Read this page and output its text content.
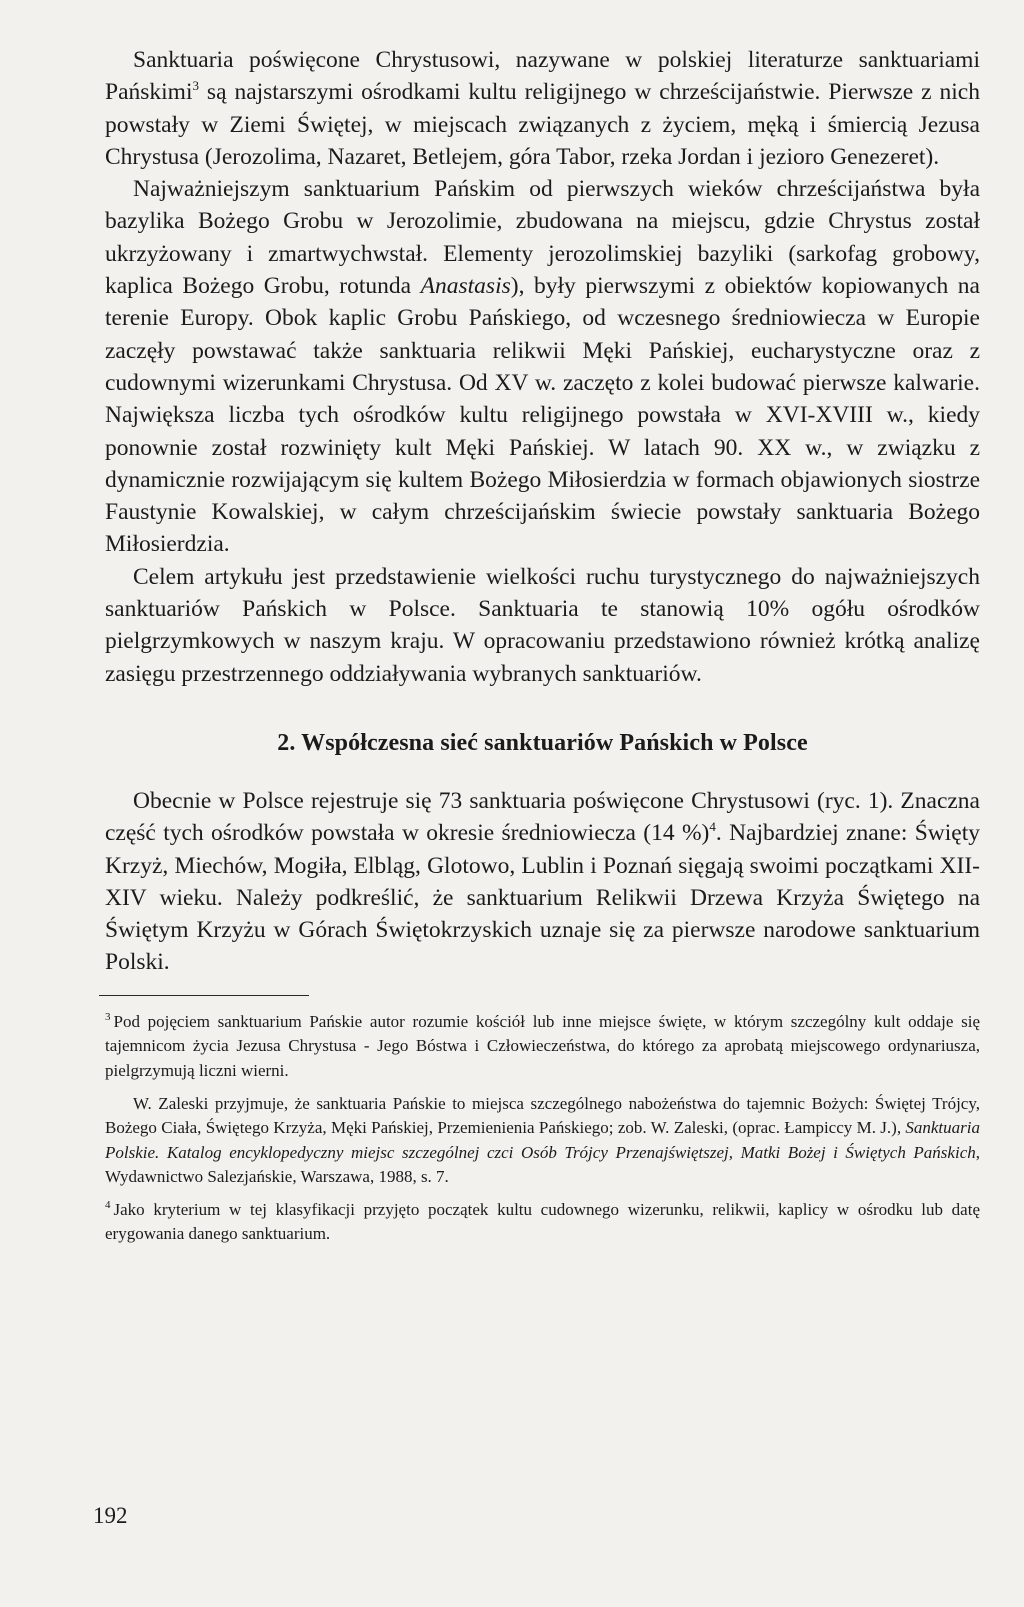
Sanktuaria poświęcone Chrystusowi, nazywane w polskiej literaturze sanktuariami Pańskimi$^3$ są najstarszymi ośrodkami kultu religijnego w chrześcijaństwie. Pierwsze z nich powstały w Ziemi Świętej, w miejscach związanych z życiem, męką i śmiercią Jezusa Chrystusa (Jerozolima, Nazaret, Betlejem, góra Tabor, rzeka Jordan i jezioro Genezeret).

Najważniejszym sanktuarium Pańskim od pierwszych wieków chrześcijaństwa była bazylika Bożego Grobu w Jerozolimie, zbudowana na miejscu, gdzie Chrystus został ukrzyżowany i zmartwychwstał. Elementy jerozolimskiej bazyliki (sarkofag grobowy, kaplica Bożego Grobu, rotunda Anastasis), były pierwszymi z obiektów kopiowanych na terenie Europy. Obok kaplic Grobu Pańskiego, od wczesnego średniowiecza w Europie zaczęły powstawać także sanktuaria relikwii Męki Pańskiej, eucharystyczne oraz z cudownymi wizerunkami Chrystusa. Od XV w. zaczęto z kolei budować pierwsze kalwarie. Największa liczba tych ośrodków kultu religijnego powstała w XVI-XVIII w., kiedy ponownie został rozwinięty kult Męki Pańskiej. W latach 90. XX w., w związku z dynamicznie rozwijającym się kultem Bożego Miłosierdzia w formach objawionych siostrze Faustynie Kowalskiej, w całym chrześcijańskim świecie powstały sanktuaria Bożego Miłosierdzia.

Celem artykułu jest przedstawienie wielkości ruchu turystycznego do najważniejszych sanktuariów Pańskich w Polsce. Sanktuaria te stanowią 10% ogółu ośrodków pielgrzymkowych w naszym kraju. W opracowaniu przedstawiono również krótką analizę zasięgu przestrzennego oddziaływania wybranych sanktuariów.

2. Współczesna sieć sanktuariów Pańskich w Polsce

Obecnie w Polsce rejestruje się 73 sanktuaria poświęcone Chrystusowi (ryc. 1). Znaczna część tych ośrodków powstała w okresie średniowiecza (14 %)$^4$. Najbardziej znane: Święty Krzyż, Miechów, Mogiła, Elbląg, Glotowo, Lublin i Poznań sięgają swoimi początkami XII-XIV wieku. Należy podkreślić, że sanktuarium Relikwii Drzewa Krzyża Świętego na Świętym Krzyżu w Górach Świętokrzyskich uznaje się za pierwsze narodowe sanktuarium Polski.

$^3$ Pod pojęciem sanktuarium Pańskie autor rozumie kościół lub inne miejsce święte, w którym szczególny kult oddaje się tajemnicom życia Jezusa Chrystusa - Jego Bóstwa i Człowieczeństwa, do którego za aprobatą miejscowego ordynariusza, pielgrzymują liczni wierni.

W. Zaleski przyjmuje, że sanktuaria Pańskie to miejsca szczególnego nabożeństwa do tajemnic Bożych: Świętej Trójcy, Bożego Ciała, Świętego Krzyża, Męki Pańskiej, Przemienienia Pańskiego; zob. W. Zaleski, (oprac. Łampiccy M. J.), Sanktuaria Polskie. Katalog encyklopedyczny miejsc szczególnej czci Osób Trójcy Przenajświętszej, Matki Bożej i Świętych Pańskich, Wydawnictwo Salezjańskie, Warszawa, 1988, s. 7.

$^4$ Jako kryterium w tej klasyfikacji przyjęto początek kultu cudownego wizerunku, relikwii, kaplicy w ośrodku lub datę erygowania danego sanktuarium.

192
